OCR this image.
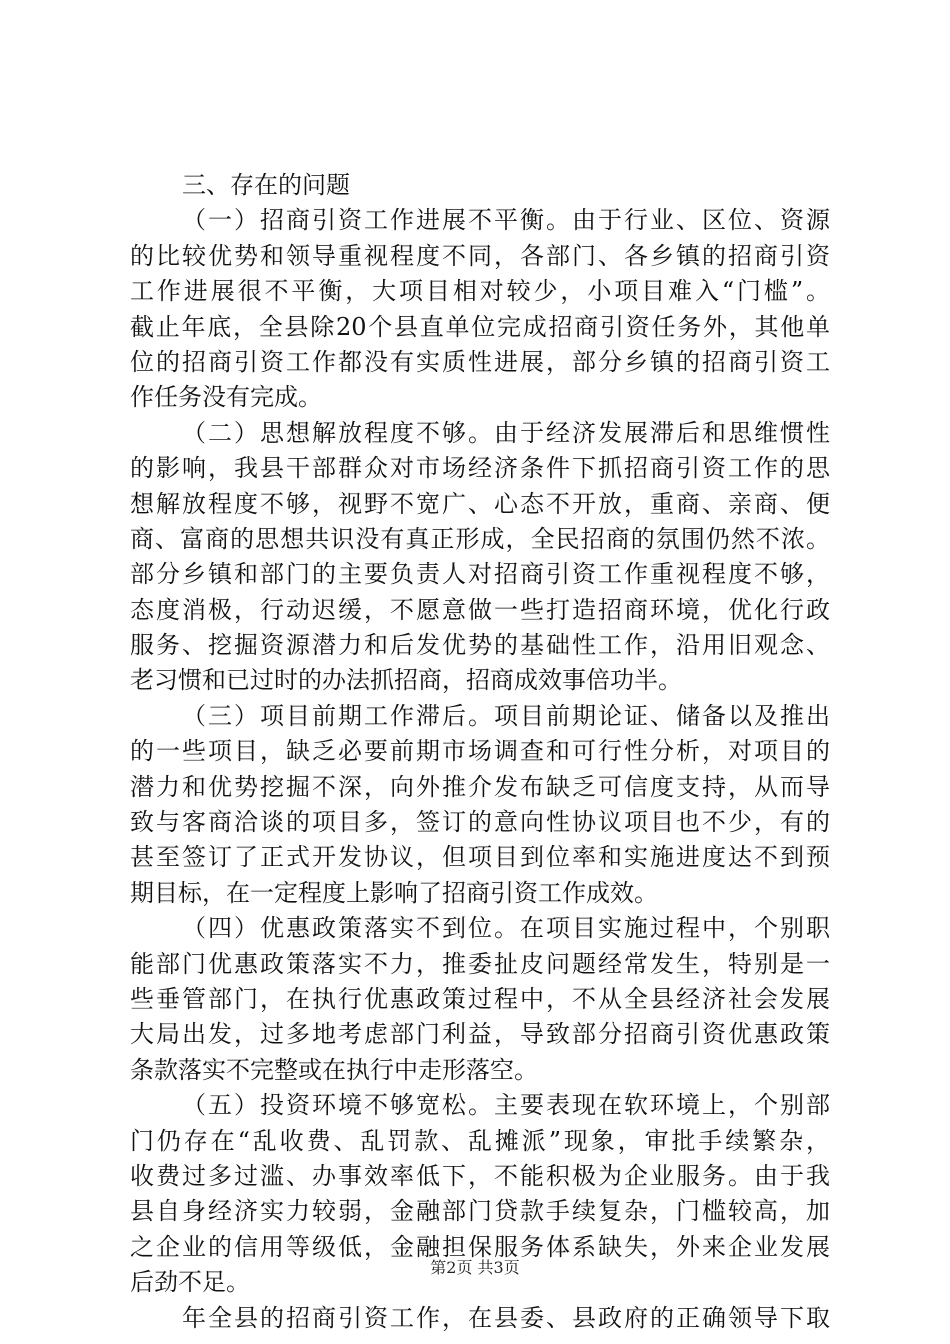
三、存在的问题
（一）招商引资工作进展不平衡。由于行业、区位、资源
的比较优势和领导重视程度不同，各部门、各乡镇的招商引资
工作进展很不平衡，大项目相对较少，小项目难入“门槛”。
截止年底，全县除20个县直单位完成招商引资任务外，其他单
位的招商引资工作都没有实质性进展，部分乡镇的招商引资工
作任务没有完成。
（二）思想解放程度不够。由于经济发展滞后和思维惯性
的影响，我县干部群众对市场经济条件下抓招商引资工作的思
想解放程度不够，视野不宽广、心态不开放，重商、亲商、便
商、富商的思想共识没有真正形成，全民招商的氛围仍然不浓。
部分乡镇和部门的主要负责人对招商引资工作重视程度不够，
态度消极，行动迟缓，不愿意做一些打造招商环境，优化行政
服务、挖掘资源潜力和后发优势的基础性工作，沿用旧观念、
老习惯和已过时的办法抓招商，招商成效事倍功半。
（三）项目前期工作滞后。项目前期论证、储备以及推出
的一些项目，缺乏必要前期市场调查和可行性分析，对项目的
潜力和优势挖掘不深，向外推介发布缺乏可信度支持，从而导
致与客商洽谈的项目多，签订的意向性协议项目也不少，有的
甚至签订了正式开发协议，但项目到位率和实施进度达不到预
期目标，在一定程度上影响了招商引资工作成效。
（四）优惠政策落实不到位。在项目实施过程中，个别职
能部门优惠政策落实不力，推委扯皮问题经常发生，特别是一
些垂管部门，在执行优惠政策过程中，不从全县经济社会发展
大局出发，过多地考虑部门利益，导致部分招商引资优惠政策
条款落实不完整或在执行中走形落空。
（五）投资环境不够宽松。主要表现在软环境上，个别部
门仍存在“乱收费、乱罚款、乱摊派”现象，审批手续繁杂，
收费过多过滥、办事效率低下，不能积极为企业服务。由于我
县自身经济实力较弱，金融部门贷款手续复杂，门槛较高，加
之企业的信用等级低，金融担保服务体系缺失，外来企业发展
后劲不足。
年全县的招商引资工作，在县委、县政府的正确领导下取
第2页 共3页
